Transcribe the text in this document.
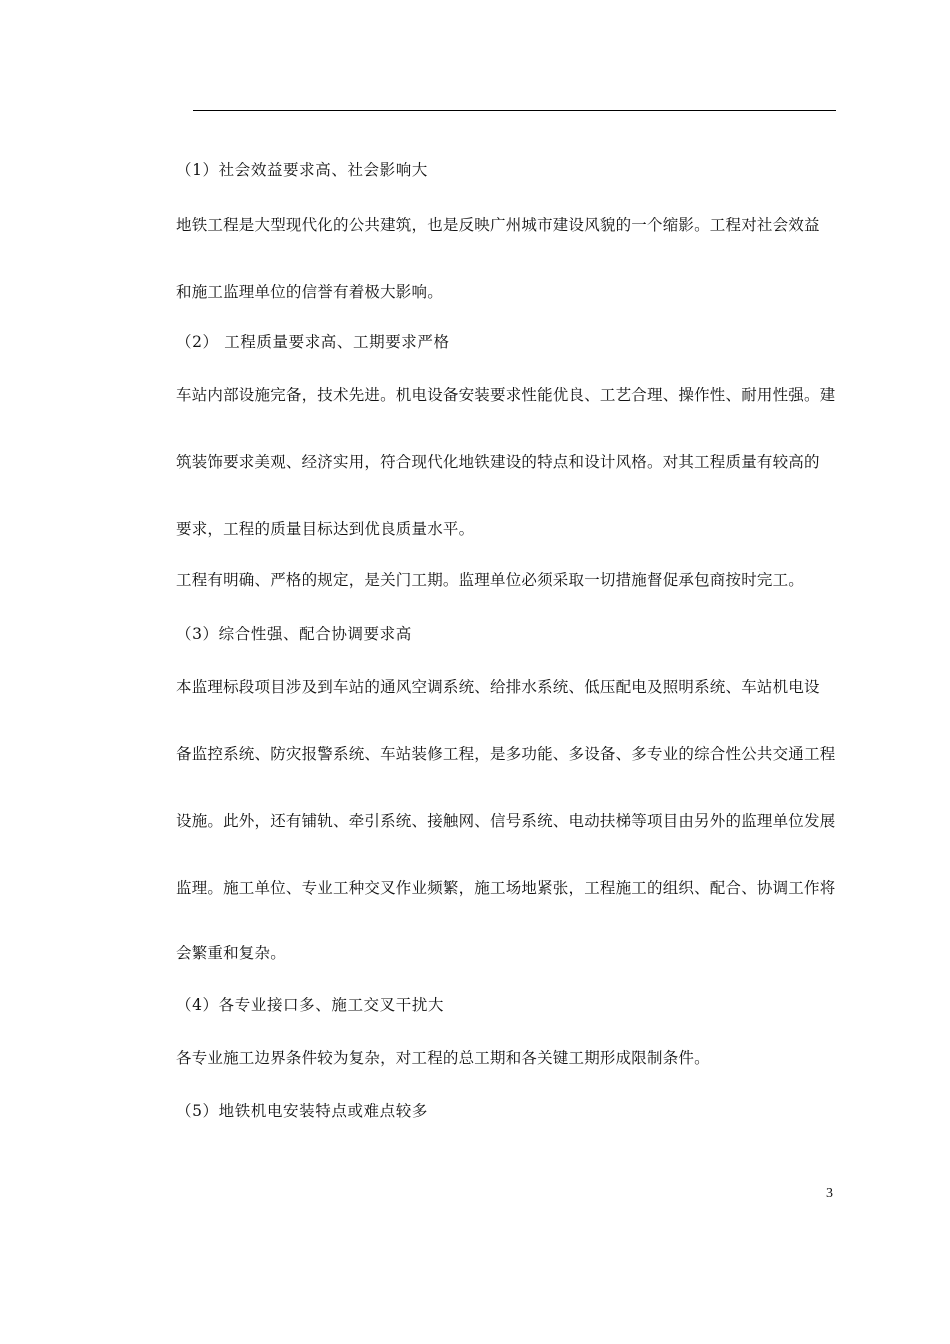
（1）社会效益要求高、社会影响大
地铁工程是大型现代化的公共建筑，也是反映广州城市建设风貌的一个缩影。工程对社会效益
和施工监理单位的信誉有着极大影响。
（2） 工程质量要求高、工期要求严格
车站内部设施完备，技术先进。机电设备安装要求性能优良、工艺合理、操作性、耐用性强。建
筑装饰要求美观、经济实用，符合现代化地铁建设的特点和设计风格。对其工程质量有较高的
要求，工程的质量目标达到优良质量水平。
工程有明确、严格的规定，是关门工期。监理单位必须采取一切措施督促承包商按时完工。
（3）综合性强、配合协调要求高
本监理标段项目涉及到车站的通风空调系统、给排水系统、低压配电及照明系统、车站机电设
备监控系统、防灾报警系统、车站装修工程，是多功能、多设备、多专业的综合性公共交通工程
设施。此外，还有铺轨、牵引系统、接触网、信号系统、电动扶梯等项目由另外的监理单位发展
监理。施工单位、专业工种交叉作业频繁，施工场地紧张，工程施工的组织、配合、协调工作将
会繁重和复杂。
（4）各专业接口多、施工交叉干扰大
各专业施工边界条件较为复杂，对工程的总工期和各关键工期形成限制条件。
（5）地铁机电安装特点或难点较多
3
